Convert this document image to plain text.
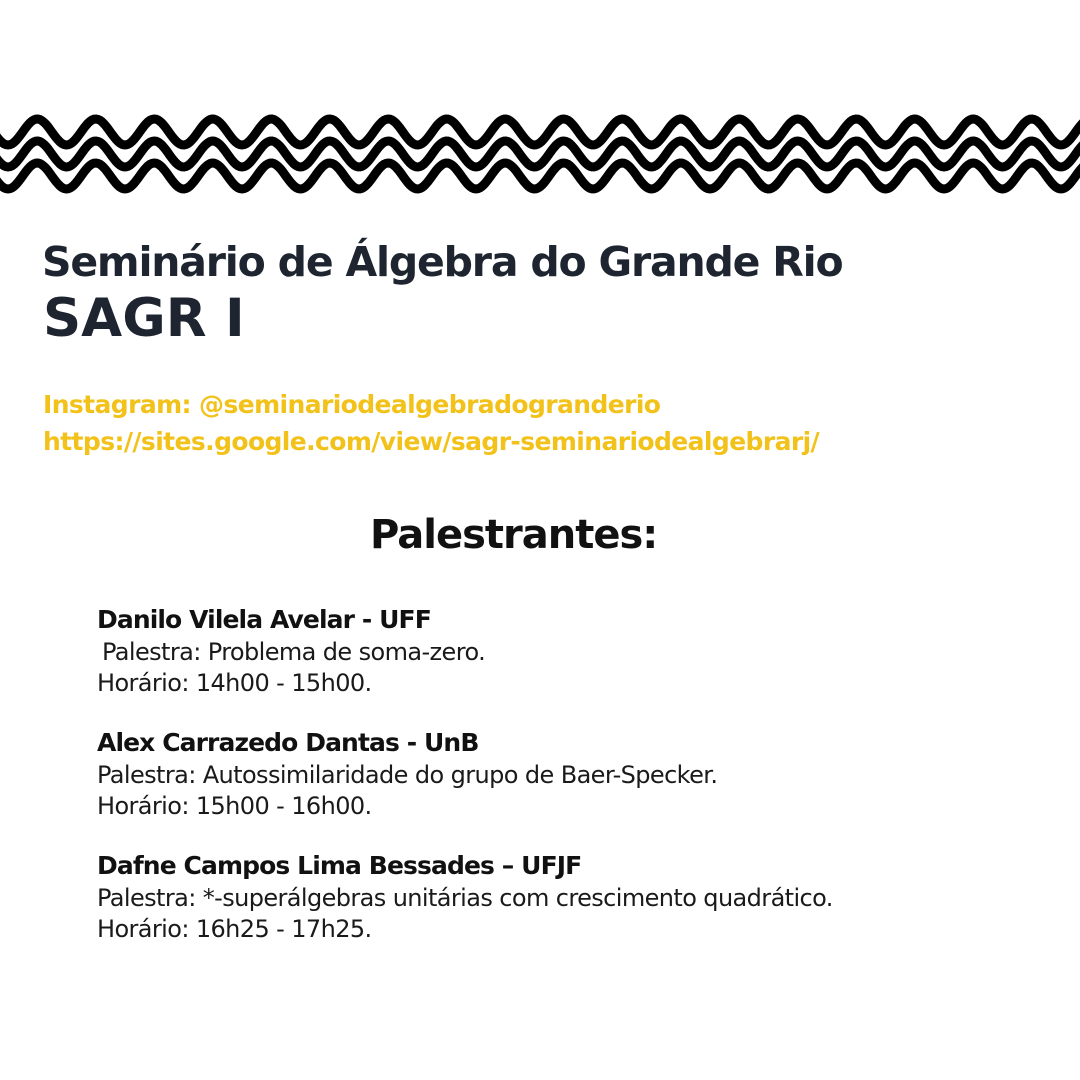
Seminário de Álgebra do Grande Rio
SAGR I
Instagram: @seminariodealgebradogranderio
https://sites.google.com/view/sagr-seminariodealgebrarj/
Palestrantes:
Danilo Vilela Avelar - UFF
Palestra: Problema de soma-zero.
Horário: 14h00 - 15h00.
Alex Carrazedo Dantas - UnB
Palestra: Autossimilaridade do grupo de Baer-Specker.
Horário: 15h00 - 16h00.
Dafne Campos Lima Bessades – UFJF
Palestra: *-superálgebras unitárias com crescimento quadrático.
Horário: 16h25 - 17h25.
